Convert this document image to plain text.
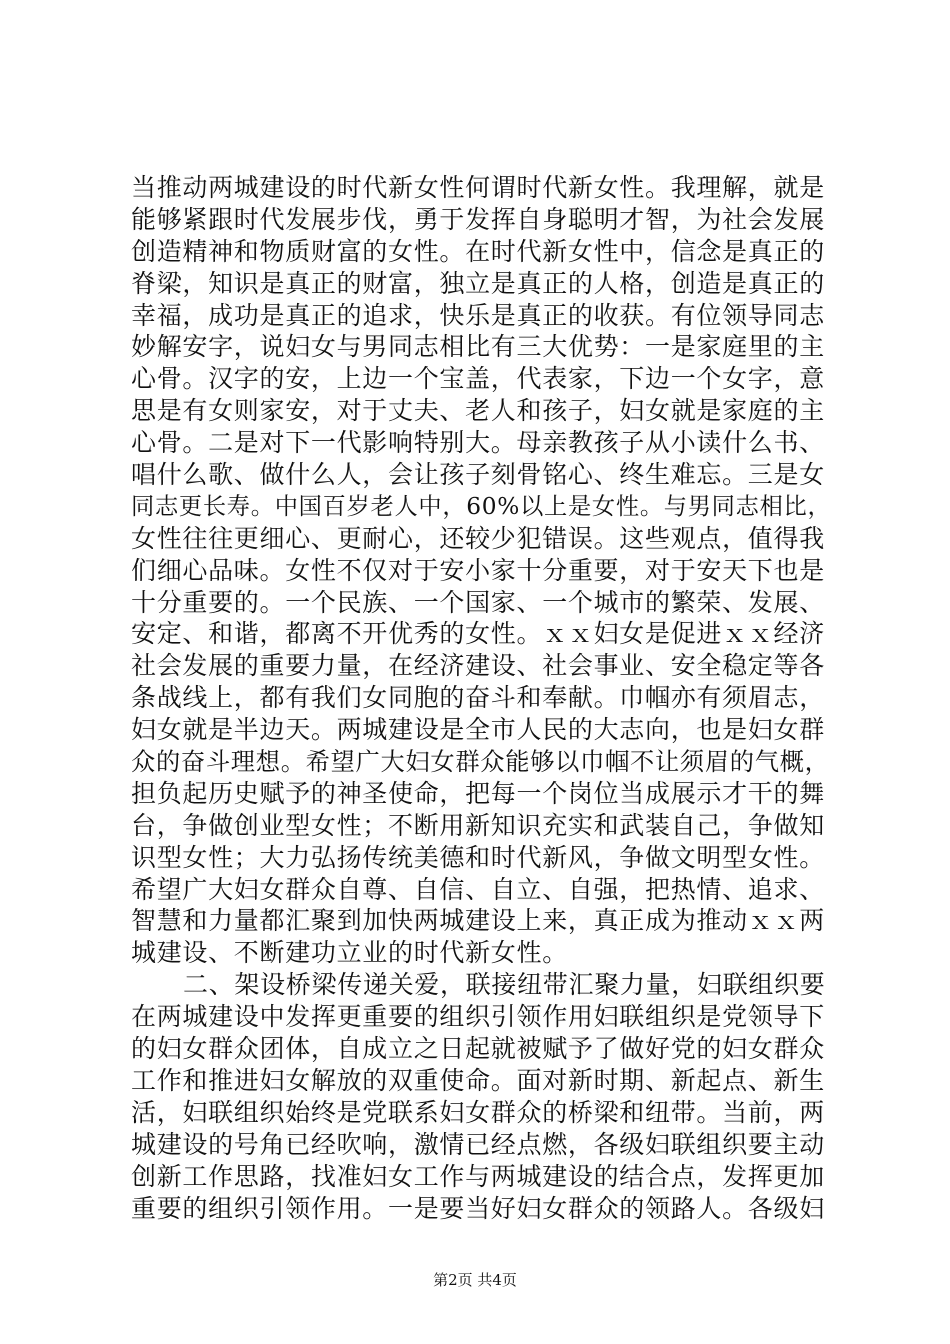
当推动两城建设的时代新女性何谓时代新女性。我理解，就是
能够紧跟时代发展步伐，勇于发挥自身聪明才智，为社会发展
创造精神和物质财富的女性。在时代新女性中，信念是真正的
脊梁，知识是真正的财富，独立是真正的人格，创造是真正的
幸福，成功是真正的追求，快乐是真正的收获。有位领导同志
妙解安字，说妇女与男同志相比有三大优势：一是家庭里的主
心骨。汉字的安，上边一个宝盖，代表家，下边一个女字，意
思是有女则家安，对于丈夫、老人和孩子，妇女就是家庭的主
心骨。二是对下一代影响特别大。母亲教孩子从小读什么书、
唱什么歌、做什么人，会让孩子刻骨铭心、终生难忘。三是女
同志更长寿。中国百岁老人中，60%以上是女性。与男同志相比，
女性往往更细心、更耐心，还较少犯错误。这些观点，值得我
们细心品味。女性不仅对于安小家十分重要，对于安天下也是
十分重要的。一个民族、一个国家、一个城市的繁荣、发展、
安定、和谐，都离不开优秀的女性。ｘｘ妇女是促进ｘｘ经济
社会发展的重要力量，在经济建设、社会事业、安全稳定等各
条战线上，都有我们女同胞的奋斗和奉献。巾帼亦有须眉志，
妇女就是半边天。两城建设是全市人民的大志向，也是妇女群
众的奋斗理想。希望广大妇女群众能够以巾帼不让须眉的气概，
担负起历史赋予的神圣使命，把每一个岗位当成展示才干的舞
台，争做创业型女性；不断用新知识充实和武装自己，争做知
识型女性；大力弘扬传统美德和时代新风，争做文明型女性。
希望广大妇女群众自尊、自信、自立、自强，把热情、追求、
智慧和力量都汇聚到加快两城建设上来，真正成为推动ｘｘ两
城建设、不断建功立业的时代新女性。
二、架设桥梁传递关爱，联接纽带汇聚力量，妇联组织要
在两城建设中发挥更重要的组织引领作用妇联组织是党领导下
的妇女群众团体，自成立之日起就被赋予了做好党的妇女群众
工作和推进妇女解放的双重使命。面对新时期、新起点、新生
活，妇联组织始终是党联系妇女群众的桥梁和纽带。当前，两
城建设的号角已经吹响，激情已经点燃，各级妇联组织要主动
创新工作思路，找准妇女工作与两城建设的结合点，发挥更加
重要的组织引领作用。一是要当好妇女群众的领路人。各级妇
第2页 共4页
